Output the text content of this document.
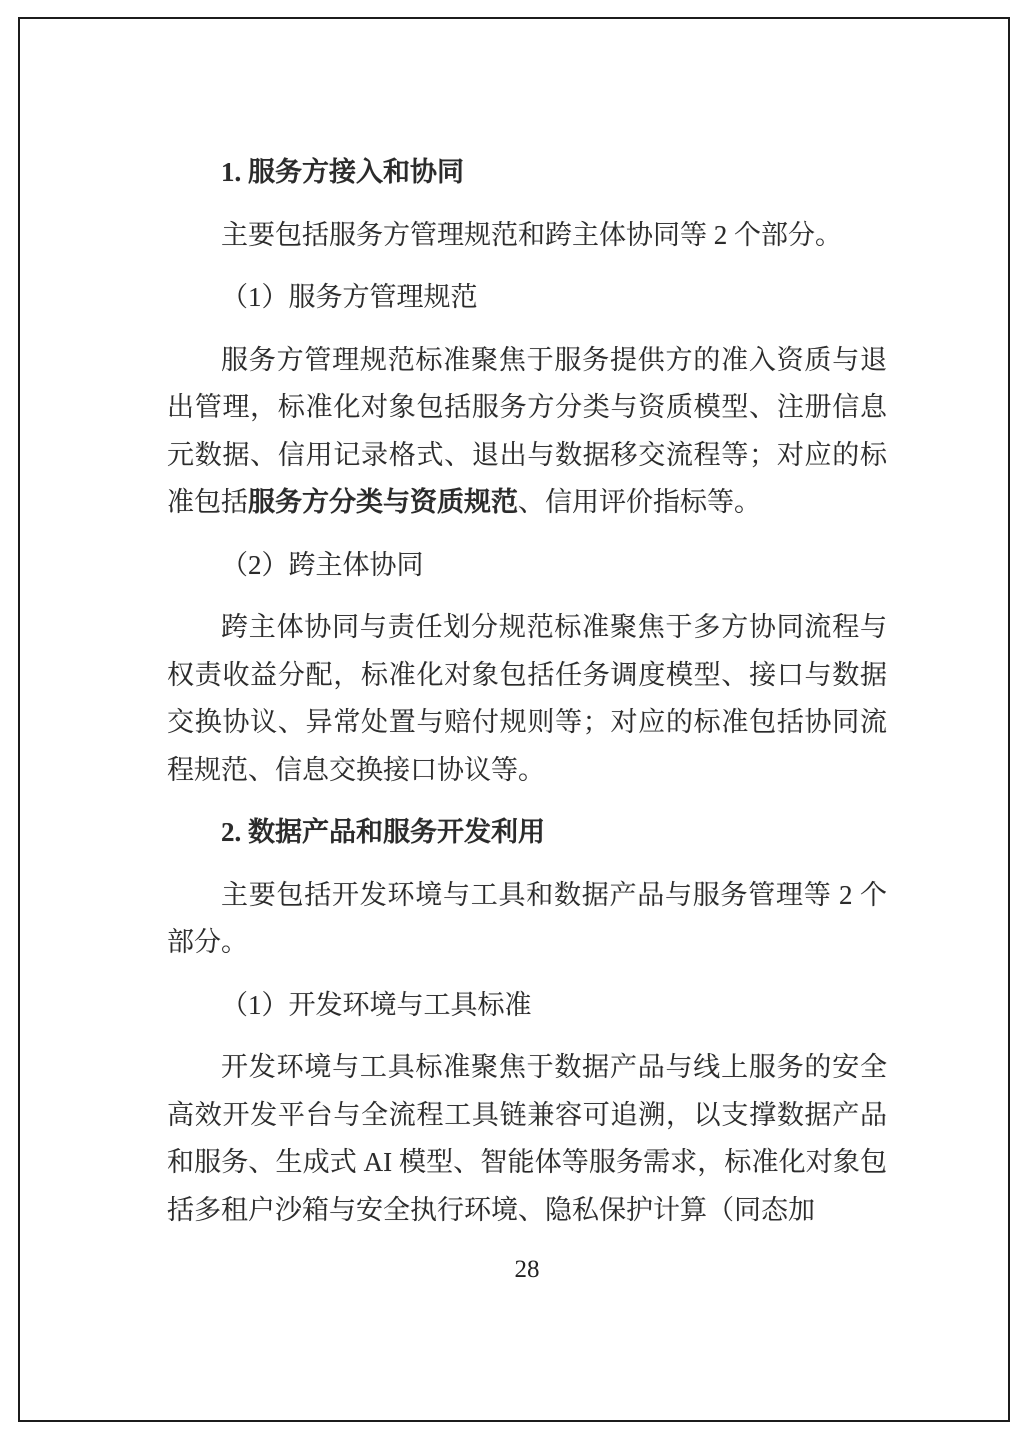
1. 服务方接入和协同
主要包括服务方管理规范和跨主体协同等 2 个部分。
（1）服务方管理规范
服务方管理规范标准聚焦于服务提供方的准入资质与退出管理，标准化对象包括服务方分类与资质模型、注册信息元数据、信用记录格式、退出与数据移交流程等；对应的标准包括服务方分类与资质规范、信用评价指标等。
（2）跨主体协同
跨主体协同与责任划分规范标准聚焦于多方协同流程与权责收益分配，标准化对象包括任务调度模型、接口与数据交换协议、异常处置与赔付规则等；对应的标准包括协同流程规范、信息交换接口协议等。
2. 数据产品和服务开发利用
主要包括开发环境与工具和数据产品与服务管理等 2 个部分。
（1）开发环境与工具标准
开发环境与工具标准聚焦于数据产品与线上服务的安全高效开发平台与全流程工具链兼容可追溯，以支撑数据产品和服务、生成式 AI 模型、智能体等服务需求，标准化对象包括多租户沙箱与安全执行环境、隐私保护计算（同态加
28
